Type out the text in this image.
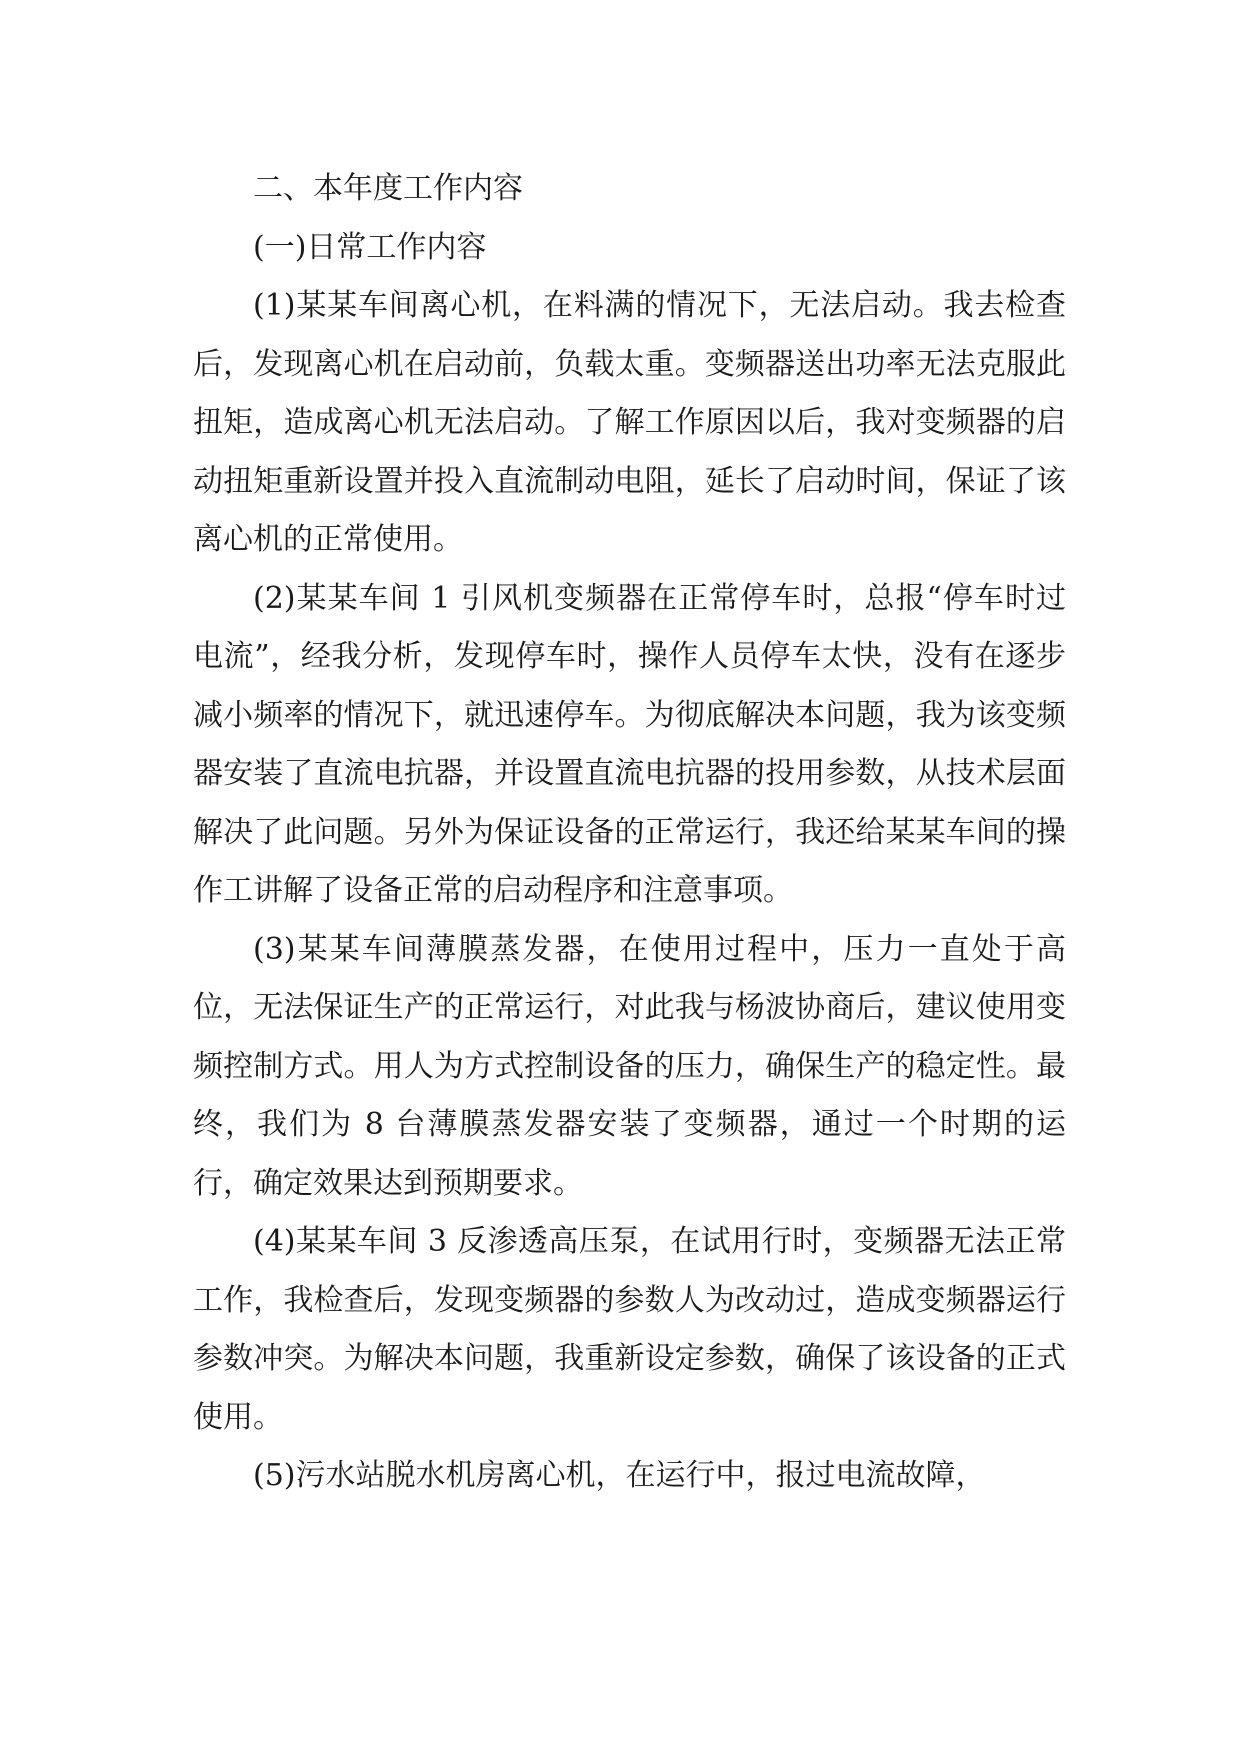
二、本年度工作内容

(一)日常工作内容

(1)某某车间离心机，在料满的情况下，无法启动。我去检查后，发现离心机在启动前，负载太重。变频器送出功率无法克服此扭矩，造成离心机无法启动。了解工作原因以后，我对变频器的启动扭矩重新设置并投入直流制动电阻，延长了启动时间，保证了该离心机的正常使用。

(2)某某车间 1 引风机变频器在正常停车时，总报“停车时过电流”，经我分析，发现停车时，操作人员停车太快，没有在逐步减小频率的情况下，就迅速停车。为彻底解决本问题，我为该变频器安装了直流电抗器，并设置直流电抗器的投用参数，从技术层面解决了此问题。另外为保证设备的正常运行，我还给某某车间的操作工讲解了设备正常的启动程序和注意事项。

(3)某某车间薄膜蒸发器，在使用过程中，压力一直处于高位，无法保证生产的正常运行，对此我与杨波协商后，建议使用变频控制方式。用人为方式控制设备的压力，确保生产的稳定性。最终，我们为 8 台薄膜蒸发器安装了变频器，通过一个时期的运行，确定效果达到预期要求。

(4)某某车间 3 反渗透高压泵，在试用行时，变频器无法正常工作，我检查后，发现变频器的参数人为改动过，造成变频器运行参数冲突。为解决本问题，我重新设定参数，确保了该设备的正式使用。

(5)污水站脱水机房离心机，在运行中，报过电流故障，
